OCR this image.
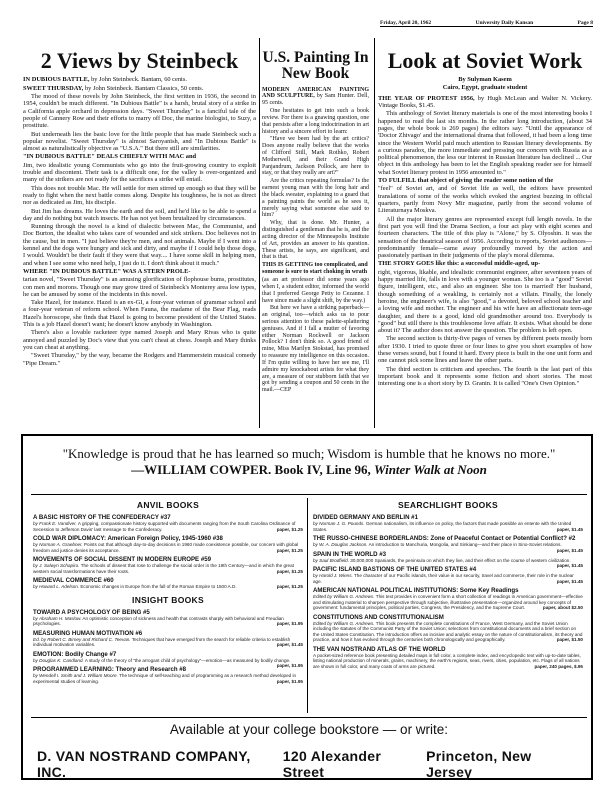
Friday, April 20, 1962	University Daily Kansan	Page 8
2 Views by Steinbeck
IN DUBIOUS BATTLE, by John Steinbeck. Bantam, 60 cents.
SWEET THURSDAY, by John Steinbeck. Bantam Classics, 50 cents.

The mood of these novels by John Steinbeck, the first written in 1936, the second in 1954, couldn't be much different. "In Dubious Battle" is a harsh, brutal story of a strike in a California apple orchard in depression days. "Sweet Thursday" is a fanciful tale of the people of Cannery Row and their efforts to marry off Doc, the marine biologist, to Suzy, a prostitute.

But underneath lies the basic love for the little people that has made Steinbeck such a popular novelist. "Sweet Thursday" is almost Saroyanish, and "In Dubious Battle" is almost as naturalistically objective as "U.S.A." But there still are similarities.

"IN DUBIOUS BATTLE" DEALS CHIEFLY WITH MAC and

Jim, two idealistic young Communists who go into the fruit-growing country to exploit trouble and discontent. Their task is a difficult one, for the valley is over-organized and many of the strikers are not ready for the sacrifices a strike will entail.

This does not trouble Mac. He will settle for men stirred up enough so that they will be ready to fight when the next battle comes along. Despite his toughness, he is not as direct nor as dedicated as Jim, his disciple.

But Jim has dreams. He loves the earth and the soil, and he'd like to be able to spend a day and do nothing but watch insects. He has not yet been brutalized by circumstances.

Running through the novel is a kind of dialectic between Mac, the Communist, and Doc Burton, the idealist who takes care of wounded and sick strikers. Doc believes not in the cause, but in men. "I just believe they're men, and not animals. Maybe if I went into a kennel and the dogs were hungry and sick and dirty, and maybe if I could help those dogs, I would. Wouldn't be their fault if they were that way.... I have some skill in helping men, and when I see some who need help, I just do it. I don't think about it much."

WHERE "IN DUBIOUS BATTLE" WAS A STERN PROLE-

tarian novel, "Sweet Thursday" is an amusing glorification of flophouse bums, prostitutes, con men and morons. Though one may grow tired of Steinbeck's Monterey area low types, he can be amused by some of the incidents in this novel.

Take Hazel, for instance. Hazel is an ex-GI, a four-year veteran of grammar school and a four-year veteran of reform school. When Fauna, the madame of the Bear Flag, reads Hazel's horoscope, she finds that Hazel is going to become president of the United States. This is a job Hazel doesn't want; he doesn't know anybody in Washington.

There's also a lovable racketeer type named Joseph and Mary Rivas who is quite annoyed and puzzled by Doc's view that you can't cheat at chess. Joseph and Mary thinks you can cheat at anything.

"Sweet Thursday," by the way, became the Rodgers and Hammerstein musical comedy "Pipe Dream."

U.S. Painting In New Book
MODERN AMERICAN PAINTING AND SCULPTURE, by Sam Hunter. Dell, 95 cents.

One hesitates to get into such a book review. For there is a gnawing question, one that persists after a long indoctrination in art history and a sincere effort to learn:

"Have we been had by the art critics? Does anyone really believe that the works of Clifford Still, Mark Rothko, Robert Motherwell, and their Grand High Panjandrum, Jackson Pollock, are here to stay, or that they really are art?"

Are the critics repeating formulas? Is the earnest young man with the long hair and the black sweater, explaining to a guard that a painting paints the world as he sees it, merely saying what someone else said to him?

Why, that is done. Mr. Hunter, a distinguished a gentleman that he is, and the acting director of the Minneapolis Institute of Art, provides an answer to his question. These artists, he says, are significant, and that is that.

THIS IS GETTING too complicated, and someone is sure to start choking in wrath

(as an art professor did some years ago when I, a student editor, informed the world that I preferred George Petty to Cezanne. I have since made a slight shift, by the way.)

But here we have a striking paperback—an original, too—which asks us to pour serious attention to these palette-splattering geniuses. And if I fall a mutter of favoring either Norman Rockwell or Jackson Pollock? I don't think so. A good friend of mine, Miss Marilyn Stokstad, has promised to reassure my intelligence on this occasion. If I'm quite willing to have her see me, I'll admire my knockabout artists for what they are, a measure of our stubborn faith that we got by sending a coupon and 50 cents in the mail.—CEP

Look at Soviet Work
By Sulyman Kasem
Cairo, Egypt, graduate student
THE YEAR OF PROTEST 1956, by Hugh McLean and Walter N. Vickery. Vintage Books, $1.45.

This anthology of Soviet literary materials is one of the most interesting books I happened to read the last six months. In the rather long introduction, (about 34 pages, the whole book is 269 pages) the editors say: "Until the appearance of 'Doctor Zhivago' and the international drama that followed, it had been a long time since the Western World paid much attention to Russian literary developments. By a curious paradox, the more immediate and pressing our concern with Russia as a political phenomenon, the less our interest in Russian literature has declined ... Our object in this anthology has been to let the English speaking reader see for himself what Soviet literary protest in 1956 amounted to."

TO FULFILL that object of giving the reader some notion of the

"feel" of Soviet art, and of Soviet life as well, the editors have presented translations of some of the works which evoked the angriest buzzing in official quarters, partly from Novy Mir magazine, partly from the second volume of Literaturnaya Moskva.

All the major literary genres are represented except full length novels. In the first part you will find the Drama Section, a four act play with eight scenes and fourteen characters. The title of this play is "Alone," by S. Olyoshin. It was the sensation of the theatrical season of 1956. According to reports, Soviet audiences—predominantly female—came away profoundly moved by the action and passionately partisan in their judgments of the play's moral dilemma.

THE STORY GOES like this: a successful middle-aged, up-

right, vigorous, likable, and idealistic communist engineer, after seventeen years of happy married life, falls in love with a younger woman. She too is a "good" Soviet figure, intelligent, etc., and also an engineer. She too is married! Her husband, though something of a weakling, is certainly not a villain. Finally, the lonely heroine, the engineer's wife, is also "good," a devoted, beloved school teacher and a loving wife and mother. The engineer and his wife have an affectionate teen-age daughter, and there is a good, kind old grandmother around too. Everybody is "good" but still there is this troublesome love affair. It exists. What should be done about it? The author does not answer the question. The problem is left open.

The second section is thirty-five pages of verses by different poets mostly born after 1930. I tried to quote three or four lines to give you short examples of how these verses sound, but I found it hard. Every piece is built in the one unit form and one cannot pick some lines and leave the other parts.

The third section is criticism and speeches. The fourth is the last part of this important book and it represents some fiction and short stories. The most interesting one is a short story by D. Granin. It is called "One's Own Opinion."

"Knowledge is proud that he has learned so much; Wisdom is humble that he knows no more."
—WILLIAM COWPER. Book IV, Line 96, Winter Walk at Noon
ANVIL BOOKS
A BASIC HISTORY OF THE CONFEDERACY #37
by Frank E. Vandiver. A gripping, compassionate history supported with documents ranging from the South Carolina Ordinance of Secession to Jefferson Davis' last message to the Confederacy.	paper, $1.25
COLD WAR DIPLOMACY: American Foreign Policy, 1945-1960 #38
by Norman A. Graebner. Points out that although day-to-day decisions in 1960 made coexistence possible, our concern with global freedom and justice denies its acceptance.	paper, $1.25
MOVEMENTS OF SOCIAL DISSENT IN MODERN EUROPE #59
by J. Salwyn Schapiro. The schools of dissent that rose to challenge the social order in the 19th Century—and in which the great western social transformations have their roots.	paper, $1.25
MEDIEVAL COMMERCE #60
by Howard L. Adelson. Economic changes in Europe from the fall of the Roman Empire to 1500 A.D.	paper, $1.25
INSIGHT BOOKS
TOWARD A PSYCHOLOGY OF BEING #5
by Abraham H. Maslow. An optimistic conception of sickness and health that contrasts sharply with behavioral and Freudian psychologies.	paper, $1.95
MEASURING HUMAN MOTIVATION #6
Ed. by Robert C. Birney and Richard C. Teevan. Techniques that have emerged from the search for reliable criteria to establish individual motivation variables.	paper, $1.45
EMOTION: Bodily Change #7
by Douglas K. Candland. A study of the theory of "the arrogant child of psychology"—emotion—as measured by bodily change.
paper, $1.95
PROGRAMMED LEARNING: Theory and Research #8
by Wendell I. Smith and J. William Moore. The technique of self-teaching and of programming as a research method developed in experimental studies of learning.	paper, $1.95
SEARCHLIGHT BOOKS
DIVIDED GERMANY AND BERLIN #1
by Norman J. G. Pounds. German nationalism, its influence on policy, the factors that made possible an entente with the United States.	paper, $1.45
THE RUSSO-CHINESE BORDERLANDS: Zone of Peaceful Contact or Potential Conflict? #2
by W. A. Douglas Jackson. An introduction to Manchuria, Mongolia, and Sinkiang—and their place in Sino-Soviet relations.
paper, $1.45
SPAIN IN THE WORLD #3
by Saul Brodfield. 30,000,000 Spaniards, the peninsula on which they live, and their effect on the course of western civilization.
paper, $1.45
PACIFIC ISLAND BASTIONS OF THE UNITED STATES #4
by Harold J. Wiens. The character of our Pacific islands, their value in our security, travel and commerce, their role in the nuclear age.	paper, $1.45
AMERICAN NATIONAL POLITICAL INSTITUTIONS: Some Key Readings
Edited by William G. Andrews. This text provides in convenient form a short collection of readings in American government—effective and stimulating material to sharpen perspective through subjective, illustrative presentation—organized around key concepts of government: fundamental principles, political parties, Congress, the Presidency, and the Supreme Court.	paper, about $2.50
CONSTITUTIONS AND CONSTITUTIONALISM
Edited by William G. Andrews. This book presents the complete constitutions of France, West Germany, and the Soviet Union including the statutes of the Communist Party of the Soviet Union; selections from constitutional documents and a brief section on the United States Constitution. The introduction offers an incisive and analytic essay on the nature of constitutionalism, its theory and practice, and how it has evolved through the centuries both chronologically and geographically.	paper, $1.50
THE VAN NOSTRAND ATLAS OF THE WORLD
A pocket-sized reference book presenting detailed maps in full color, a complete index, and encyclopedic text with up-to-date tables, listing national production of minerals, grains, machinery, the earth's regions, seas, rivers, cities, population, etc. Flags of all nations are shown in full color, and many coats of arms are pictured.	paper, 240 pages, $.95
Available at your college bookstore — or write:
D. VAN NOSTRAND COMPANY, INC.
120 Alexander Street
Princeton, New Jersey
